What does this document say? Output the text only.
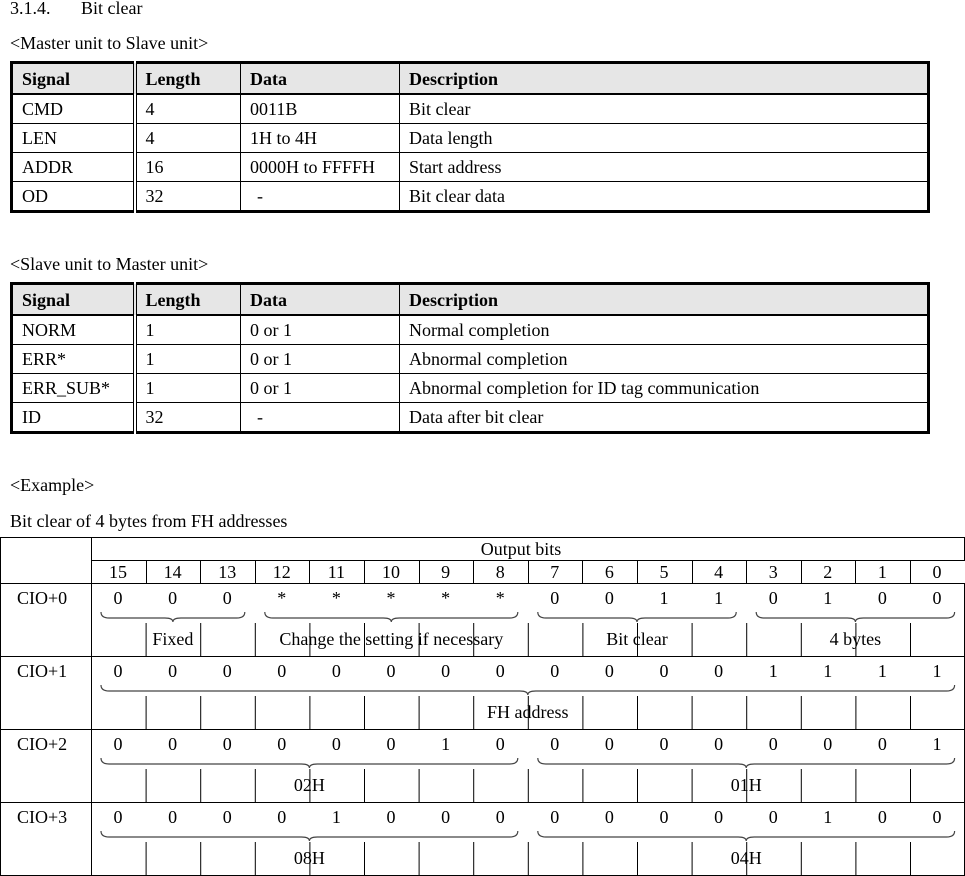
3.1.4. Bit clear
<Master unit to Slave unit>
Signal	Length	Data	Description
CMD	4	0011B	Bit clear
LEN	4	1H to 4H	Data length
ADDR	16	0000H to FFFFH	Start address
OD	32	-	Bit clear data
<Slave unit to Master unit>
Signal	Length	Data	Description
NORM	1	0 or 1	Normal completion
ERR*	1	0 or 1	Abnormal completion
ERR_SUB*	1	0 or 1	Abnormal completion for ID tag communication
ID	32	-	Data after bit clear
<Example>
Bit clear of 4 bytes from FH addresses
Output bits
15	14	13	12	11	10	9	8	7	6	5	4	3	2	1	0
CIO+0	0	0	0	*	*	*	*	*	0	0	1	1	0	1	0	0
Fixed	Change the setting if necessary	Bit clear	4 bytes
CIO+1	0	0	0	0	0	0	0	0	0	0	0	0	1	1	1	1
FH address
CIO+2	0	0	0	0	0	0	1	0	0	0	0	0	0	0	0	1
02H	01H
CIO+3	0	0	0	0	1	0	0	0	0	0	0	0	0	1	0	0
08H	04H
